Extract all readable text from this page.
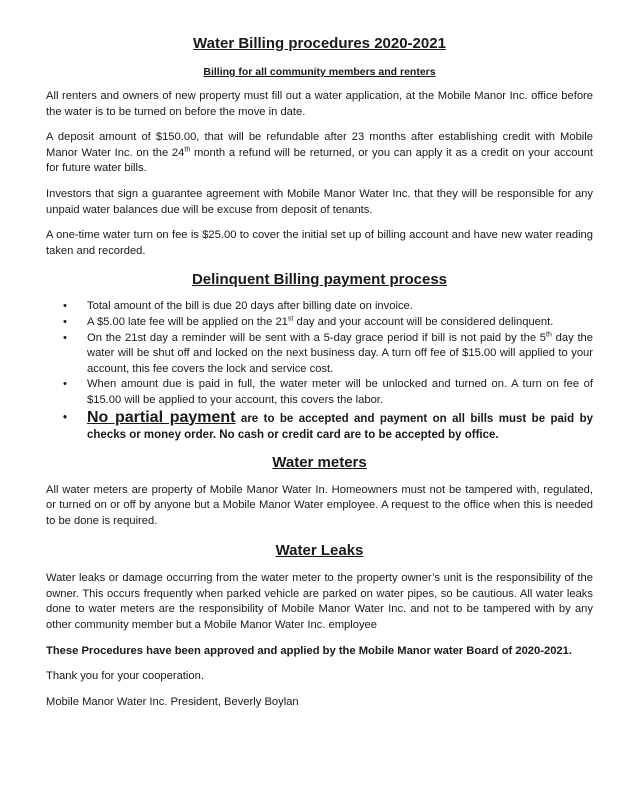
Water Billing procedures 2020-2021
Billing for all community members and renters

All renters and owners of new property must fill out a water application, at the Mobile Manor Inc. office before the water is to be turned on before the move in date.

A deposit amount of $150.00, that will be refundable after 23 months after establishing credit with Mobile Manor Water Inc. on the 24th month a refund will be returned, or you can apply it as a credit on your account for future water bills.

Investors that sign a guarantee agreement with Mobile Manor Water Inc. that they will be responsible for any unpaid water balances due will be excuse from deposit of tenants.

A one-time water turn on fee is $25.00 to cover the initial set up of billing account and have new water reading taken and recorded.

Delinquent Billing payment process
• Total amount of the bill is due 20 days after billing date on invoice.
• A $5.00 late fee will be applied on the 21st day and your account will be considered delinquent.
• On the 21st day a reminder will be sent with a 5-day grace period if bill is not paid by the 5th day the water will be shut off and locked on the next business day. A turn off fee of $15.00 will applied to your account, this fee covers the lock and service cost.
• When amount due is paid in full, the water meter will be unlocked and turned on. A turn on fee of $15.00 will be applied to your account, this covers the labor.
• No partial payment are to be accepted and payment on all bills must be paid by checks or money order. No cash or credit card are to be accepted by office.
Water meters

All water meters are property of Mobile Manor Water In. Homeowners must not be tampered with, regulated, or turned on or off by anyone but a Mobile Manor Water employee. A request to the office when this is needed to be done is required.

Water Leaks

Water leaks or damage occurring from the water meter to the property owner’s unit is the responsibility of the owner. This occurs frequently when parked vehicle are parked on water pipes, so be cautious. All water leaks done to water meters are the responsibility of Mobile Manor Water Inc. and not to be tampered with by any other community member but a Mobile Manor Water Inc. employee

These Procedures have been approved and applied by the Mobile Manor water Board of 2020-2021.

Thank you for your cooperation.

Mobile Manor Water Inc. President, Beverly Boylan
